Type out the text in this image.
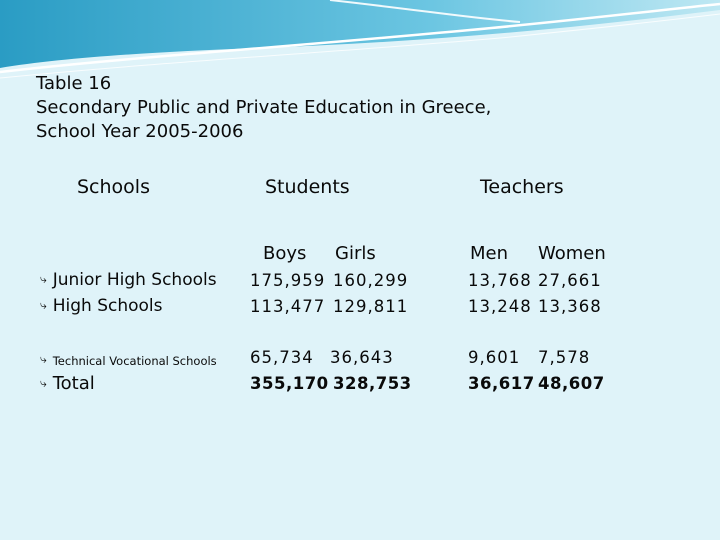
Table 16
Secondary Public and Private Education in Greece,
School Year 2005-2006
Schools	Students	Teachers
Boys Girls	Men Women
⤷ Junior High Schools 175,959 160,299	13,768 27,661
⤷ High Schools	113,477 129,811	13,248 13,368
⤷ Technical Vocational Schools 65,734 36,643	9,601 7,578
⤷ Total	355,170 328,753	36,617 48,607
